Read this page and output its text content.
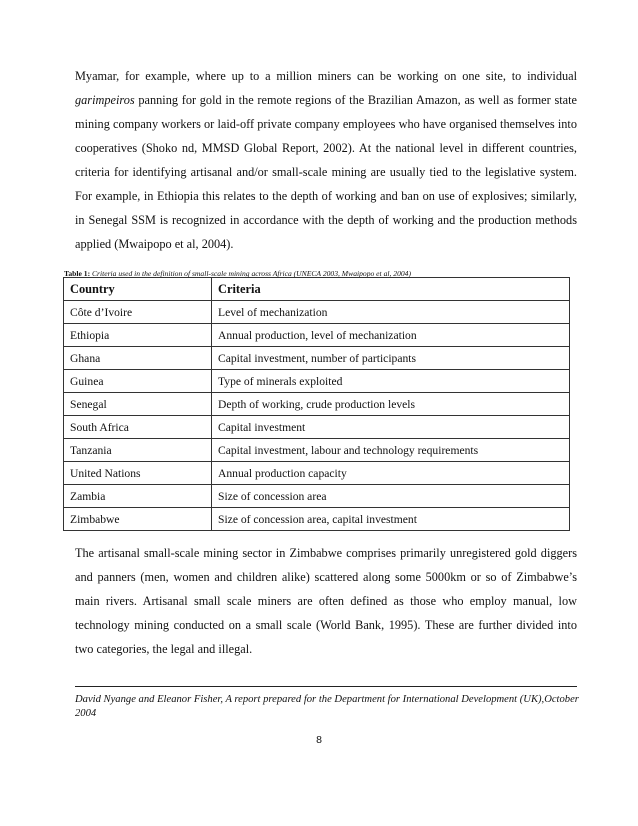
Myamar, for example, where up to a million miners can be working on one site, to individual garimpeiros panning for gold in the remote regions of the Brazilian Amazon, as well as former state mining company workers or laid-off private company employees who have organised themselves into cooperatives (Shoko nd, MMSD Global Report, 2002). At the national level in different countries, criteria for identifying artisanal and/or small-scale mining are usually tied to the legislative system. For example, in Ethiopia this relates to the depth of working and ban on use of explosives; similarly, in Senegal SSM is recognized in accordance with the depth of working and the production methods applied (Mwaipopo et al, 2004).

Table 1: Criteria used in the definition of small-scale mining across Africa (UNECA 2003, Mwaipopo et al, 2004)

Country	Criteria
Côte d’Ivoire	Level of mechanization
Ethiopia	Annual production, level of mechanization
Ghana	Capital investment, number of participants
Guinea	Type of minerals exploited
Senegal	Depth of working, crude production levels
South Africa	Capital investment
Tanzania	Capital investment, labour and technology requirements
United Nations	Annual production capacity
Zambia	Size of concession area
Zimbabwe	Size of concession area, capital investment

The artisanal small-scale mining sector in Zimbabwe comprises primarily unregistered gold diggers and panners (men, women and children alike) scattered along some 5000km or so of Zimbabwe’s main rivers. Artisanal small scale miners are often defined as those who employ manual, low technology mining conducted on a small scale (World Bank, 1995). These are further divided into two categories, the legal and illegal.

David Nyange and Eleanor Fisher, A report prepared for the Department for International Development (UK),October 2004

8
